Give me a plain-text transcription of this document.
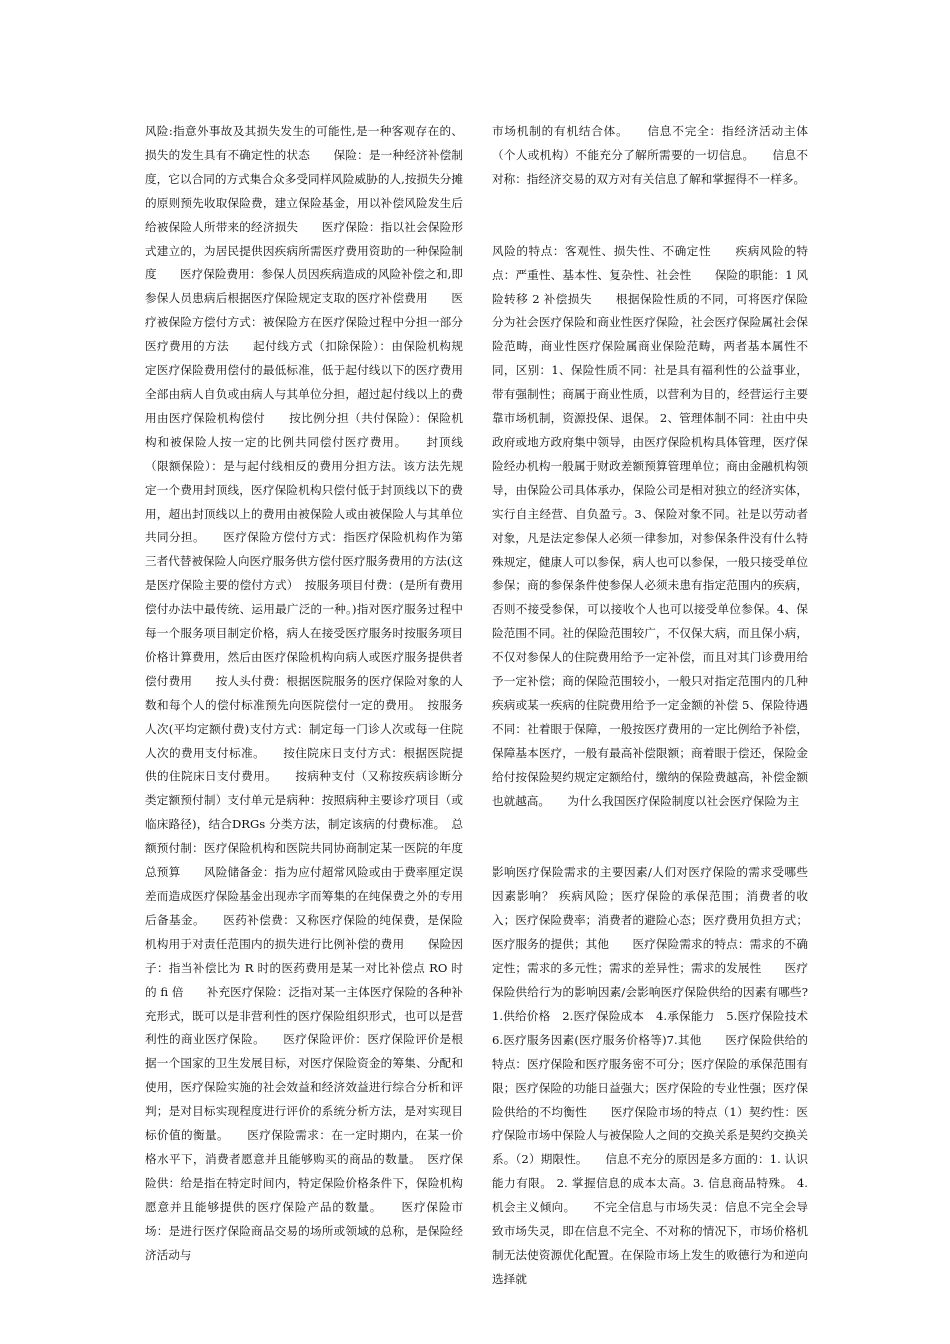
风险:指意外事故及其损失发生的可能性,是一种客观存在的、损失的发生具有不确定性的状态　　保险：是一种经济补偿制度，它以合同的方式集合众多受同样风险威胁的人,按损失分摊的原则预先收取保险费，建立保险基金，用以补偿风险发生后给被保险人所带来的经济损失　　医疗保险：指以社会保险形式建立的，为居民提供因疾病所需医疗费用资助的一种保险制度　　医疗保险费用：参保人员因疾病造成的风险补偿之和,即参保人员患病后根据医疗保险规定支取的医疗补偿费用　　医疗被保险方偿付方式：被保险方在医疗保险过程中分担一部分医疗费用的方法　　起付线方式（扣除保险）：由保险机构规定医疗保险费用偿付的最低标准，低于起付线以下的医疗费用全部由病人自负或由病人与其单位分担，超过起付线以上的费用由医疗保险机构偿付　　按比例分担（共付保险）：保险机构和被保险人按一定的比例共同偿付医疗费用。　　封顶线（限额保险）：是与起付线相反的费用分担方法。该方法先规定一个费用封顶线，医疗保险机构只偿付低于封顶线以下的费用，超出封顶线以上的费用由被保险人或由被保险人与其单位共同分担。　　医疗保险方偿付方式：指医疗保险机构作为第三者代替被保险人向医疗服务供方偿付医疗服务费用的方法(这是医疗保险主要的偿付方式）　按服务项目付费：(是所有费用偿付办法中最传统、运用最广泛的一种。)指对医疗服务过程中每一个服务项目制定价格，病人在接受医疗服务时按服务项目价格计算费用，然后由医疗保险机构向病人或医疗服务提供者偿付费用　　按人头付费：根据医院服务的医疗保险对象的人数和每个人的偿付标准预先向医院偿付一定的费用。　按服务人次(平均定额付费)支付方式：制定每一门诊人次或每一住院人次的费用支付标准。　　按住院床日支付方式：根据医院提供的住院床日支付费用。　　按病种支付（又称按疾病诊断分类定额预付制）支付单元是病种：按照病种主要诊疗项目（或临床路径)，结合DRGs 分类方法，制定该病的付费标准。　总额预付制：医疗保险机构和医院共同协商制定某一医院的年度总预算　　风险储备金：指为应付超常风险或由于费率厘定误差而造成医疗保险基金出现赤字而筹集的在纯保费之外的专用后备基金。　　医药补偿费：又称医疗保险的纯保费，是保险机构用于对责任范围内的损失进行比例补偿的费用　　保险因子：指当补偿比为 R 时的医药费用是某一对比补偿点 RO 时的 fi 倍　　补充医疗保险：泛指对某一主体医疗保险的各种补充形式，既可以是非营利性的医疗保险组织形式，也可以是营利性的商业医疗保险。　　医疗保险评价：医疗保险评价是根据一个国家的卫生发展目标，对医疗保险资金的筹集、分配和使用，医疗保险实施的社会效益和经济效益进行综合分析和评判；是对目标实现程度进行评价的系统分析方法，是对实现目标价值的衡量。　　医疗保险需求：在一定时期内，在某一价格水平下，消费者愿意并且能够购买的商品的数量。　医疗保险供：给是指在特定时间内，特定保险价格条件下，保险机构愿意并且能够提供的医疗保险产品的数量。　　医疗保险市场：是进行医疗保险商品交易的场所或领域的总称，是保险经济活动与

市场机制的有机结合体。　　信息不完全：指经济活动主体（个人或机构）不能充分了解所需要的一切信息。　　信息不对称：指经济交易的双方对有关信息了解和掌握得不一样多。

风险的特点：客观性、损失性、不确定性　　疾病风险的特点：严重性、基本性、复杂性、社会性　　保险的职能：1 风险转移 2 补偿损失　　根据保险性质的不同，可将医疗保险分为社会医疗保险和商业性医疗保险，社会医疗保险属社会保险范畴，商业性医疗保险属商业保险范畴，两者基本属性不同，区别：1、保险性质不同：社是具有福利性的公益事业，带有强制性；商属于商业性质，以营利为目的，经营运行主要靠市场机制，资源投保、退保。 2、管理体制不同：社由中央政府或地方政府集中领导，由医疗保险机构具体管理，医疗保险经办机构一般属于财政差额预算管理单位；商由金融机构领导，由保险公司具体承办，保险公司是相对独立的经济实体，实行自主经营、自负盈亏。3、保险对象不同。社是以劳动者对象，凡是法定参保人必须一律参加，对参保条件没有什么特殊规定，健康人可以参保，病人也可以参保，一般只接受单位参保；商的参保条件使参保人必须未患有指定范围内的疾病，否则不接受参保，可以接收个人也可以接受单位参保。4、保险范围不同。社的保险范围较广，不仅保大病，而且保小病，不仅对参保人的住院费用给予一定补偿，而且对其门诊费用给予一定补偿；商的保险范围较小，一般只对指定范围内的几种疾病或某一疾病的住院费用给予一定金额的补偿 5、保险待遇不同：社着眼于保障，一般按医疗费用的一定比例给予补偿，保障基本医疗，一般有最高补偿限额；商着眼于偿还，保险金给付按保险契约规定定额给付，缴纳的保险费越高，补偿金额也就越高。　　为什么我国医疗保险制度以社会医疗保险为主

影响医疗保险需求的主要因素/人们对医疗保险的需求受哪些因素影响？ 疾病风险；医疗保险的承保范围；消费者的收入；医疗保险费率；消费者的避险心态；医疗费用负担方式；医疗服务的提供；其他　　医疗保险需求的特点：需求的不确定性；需求的多元性；需求的差异性；需求的发展性　　医疗保险供给行为的影响因素/会影响医疗保险供给的因素有哪些? 1.供给价格　2.医疗保险成本　4.承保能力　5.医疗保险技术 6.医疗服务因素(医疗服务价格等)7.其他　　医疗保险供给的特点：医疗保险和医疗服务密不可分；医疗保险的承保范围有限；医疗保险的功能日益强大；医疗保险的专业性强；医疗保险供给的不均衡性　　医疗保险市场的特点（1）契约性：医疗保险市场中保险人与被保险人之间的交换关系是契约交换关系。（2）期限性。　　信息不充分的原因是多方面的：1. 认识能力有限。 2. 掌握信息的成本太高。3. 信息商品特殊。 4. 机会主义倾向。　　不完全信息与市场失灵：信息不完全会导致市场失灵，即在信息不完全、不对称的情况下，市场价格机制无法使资源优化配置。在保险市场上发生的败德行为和逆向选择就
